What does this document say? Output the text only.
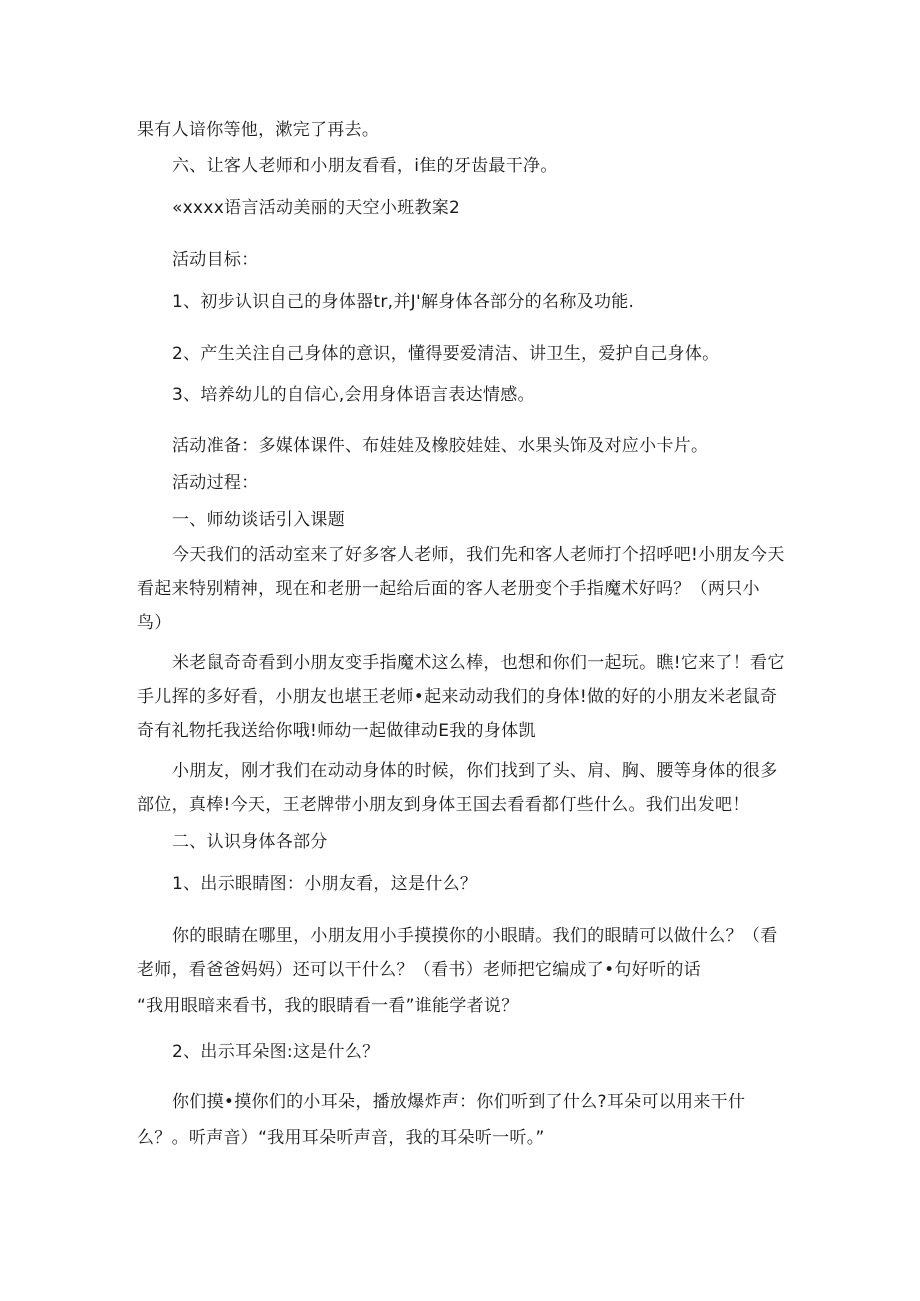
果有人谙你等他，漱完了再去。

六、让客人老师和小朋友看看，i隹的牙齿最干净。

«xxxx语言活动美丽的天空小班教案2

活动目标：

1、初步认识自己的身体器tr,并J'解身体各部分的名称及功能.

2、产生关注自己身体的意识，懂得要爱清洁、讲卫生，爱护自己身体。

3、培养幼儿的自信心,会用身体语言表达情感。

活动准备：多媒体课件、布娃娃及橡胶娃娃、水果头饰及对应小卡片。

活动过程：

一、师幼谈话引入课题

今天我们的活动室来了好多客人老师，我们先和客人老师打个招呼吧!小朋友今天

看起来特别精神，现在和老册一起给后面的客人老册变个手指魔术好吗？（两只小

鸟）

米老鼠奇奇看到小朋友变手指魔术这么棒，也想和你们一起玩。瞧!它来了！看它

手儿挥的多好看，小朋友也堪王老师•起来动动我们的身体!做的好的小朋友米老鼠奇

奇有礼物托我送给你哦!师幼一起做律动E我的身体凯

小朋友，刚才我们在动动身体的时候，你们找到了头、肩、胸、腰等身体的很多

部位，真棒!今天，王老牌带小朋友到身体王国去看看都仃些什么。我们出发吧！

二、认识身体各部分

1、出示眼睛图：小朋友看，这是什么？

你的眼睛在哪里，小朋友用小手摸摸你的小眼睛。我们的眼睛可以做什么？（看

老师，看爸爸妈妈）还可以干什么？（看书）老师把它编成了•句好听的话

“我用眼暗来看书，我的眼睛看一看”谁能学者说？

2、出示耳朵图:这是什么？

你们摸•摸你们的小耳朵，播放爆炸声：你们听到了什么?耳朵可以用来干什

么？。听声音）“我用耳朵听声音，我的耳朵听一听。”
